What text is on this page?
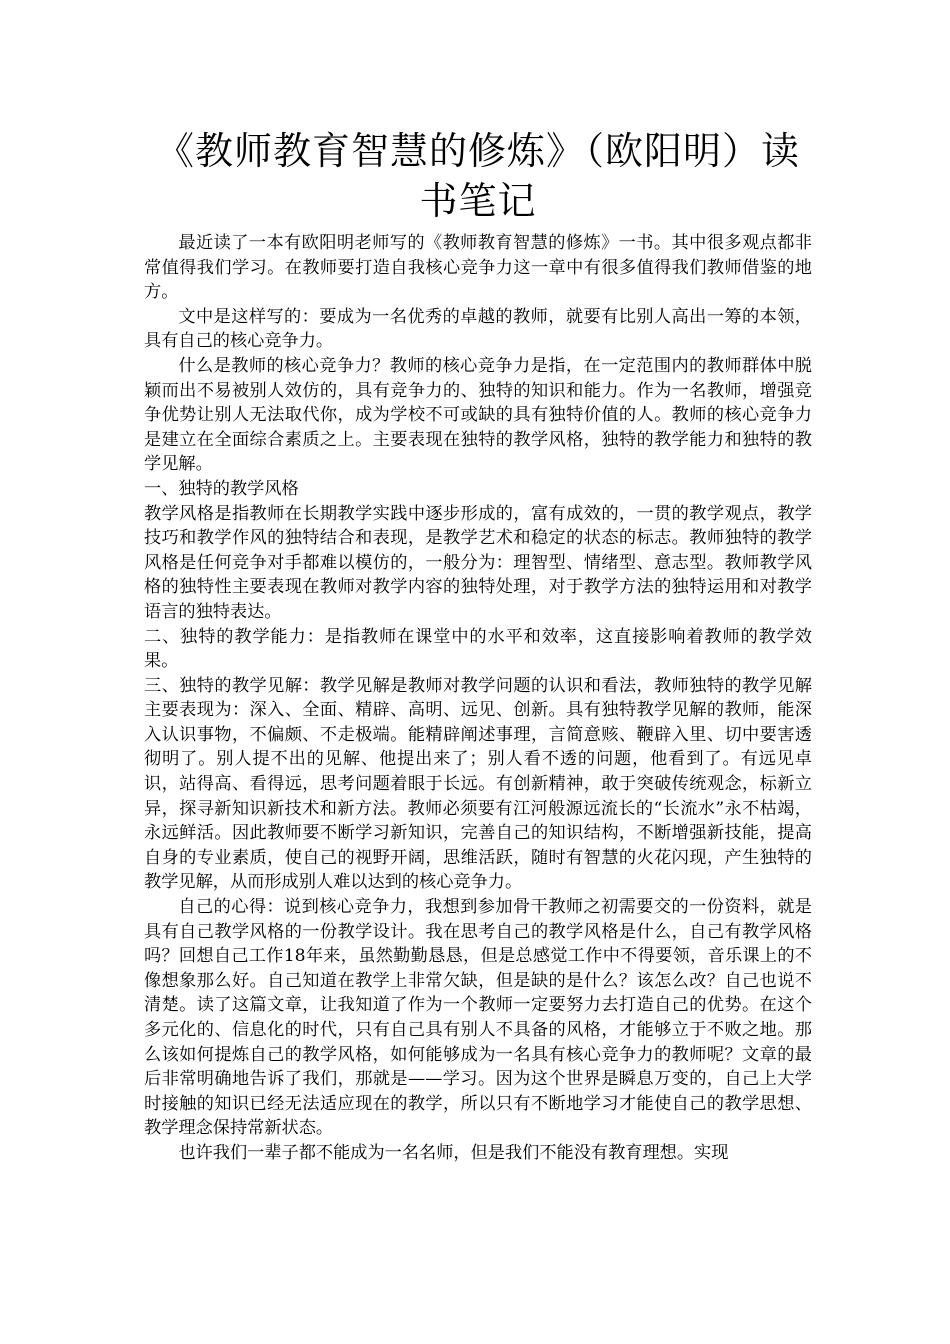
《教师教育智慧的修炼》（欧阳明）读
书笔记

最近读了一本有欧阳明老师写的《教师教育智慧的修炼》一书。其中很多观点都非常值得我们学习。在教师要打造自我核心竞争力这一章中有很多值得我们教师借鉴的地方。

文中是这样写的：要成为一名优秀的卓越的教师，就要有比别人高出一筹的本领，具有自己的核心竞争力。

什么是教师的核心竞争力？教师的核心竞争力是指，在一定范围内的教师群体中脱颖而出不易被别人效仿的，具有竞争力的、独特的知识和能力。作为一名教师，增强竞争优势让别人无法取代你，成为学校不可或缺的具有独特价值的人。教师的核心竞争力是建立在全面综合素质之上。主要表现在独特的教学风格，独特的教学能力和独特的教学见解。

一、独特的教学风格

教学风格是指教师在长期教学实践中逐步形成的，富有成效的，一贯的教学观点，教学技巧和教学作风的独特结合和表现，是教学艺术和稳定的状态的标志。教师独特的教学风格是任何竞争对手都难以模仿的，一般分为：理智型、情绪型、意志型。教师教学风格的独特性主要表现在教师对教学内容的独特处理，对于教学方法的独特运用和对教学语言的独特表达。

二、独特的教学能力：是指教师在课堂中的水平和效率，这直接影响着教师的教学效果。

三、独特的教学见解：教学见解是教师对教学问题的认识和看法，教师独特的教学见解主要表现为：深入、全面、精辟、高明、远见、创新。具有独特教学见解的教师，能深入认识事物，不偏颇、不走极端。能精辟阐述事理，言简意赅、鞭辟入里、切中要害透彻明了。别人提不出的见解、他提出来了；别人看不透的问题，他看到了。有远见卓识，站得高、看得远，思考问题着眼于长远。有创新精神，敢于突破传统观念，标新立异，探寻新知识新技术和新方法。教师必须要有江河般源远流长的“长流水”永不枯竭，永远鲜活。因此教师要不断学习新知识，完善自己的知识结构，不断增强新技能，提高自身的专业素质，使自己的视野开阔，思维活跃，随时有智慧的火花闪现，产生独特的教学见解，从而形成别人难以达到的核心竞争力。

自己的心得：说到核心竞争力，我想到参加骨干教师之初需要交的一份资料，就是具有自己教学风格的一份教学设计。我在思考自己的教学风格是什么，自己有教学风格吗？回想自己工作18年来，虽然勤勤恳恳，但是总感觉工作中不得要领，音乐课上的不像想象那么好。自己知道在教学上非常欠缺，但是缺的是什么？该怎么改？自己也说不清楚。读了这篇文章，让我知道了作为一个教师一定要努力去打造自己的优势。在这个多元化的、信息化的时代，只有自己具有别人不具备的风格，才能够立于不败之地。那么该如何提炼自己的教学风格，如何能够成为一名具有核心竞争力的教师呢？文章的最后非常明确地告诉了我们，那就是——学习。因为这个世界是瞬息万变的，自己上大学时接触的知识已经无法适应现在的教学，所以只有不断地学习才能使自己的教学思想、教学理念保持常新状态。

也许我们一辈子都不能成为一名名师，但是我们不能没有教育理想。实现
